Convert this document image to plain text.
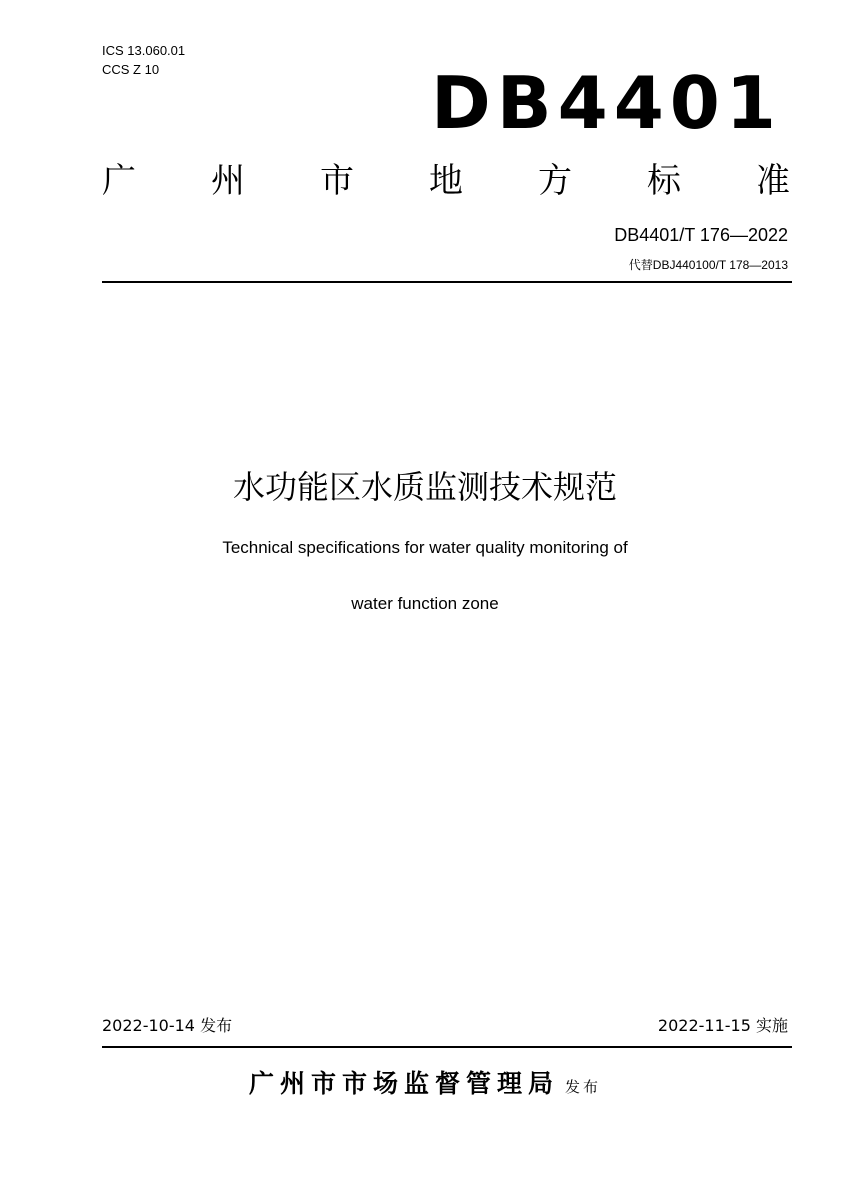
ICS 13.060.01
CCS Z 10	DB4401
广 州 市 地 方 标 准
DB4401/T 176—2022
代替DBJ440100/T 178—2013
水功能区水质监测技术规范
Technical specifications for water quality monitoring of
water function zone
2022-10-14 发布	2022-11-15 实施
广州市市场监督管理局 发布
